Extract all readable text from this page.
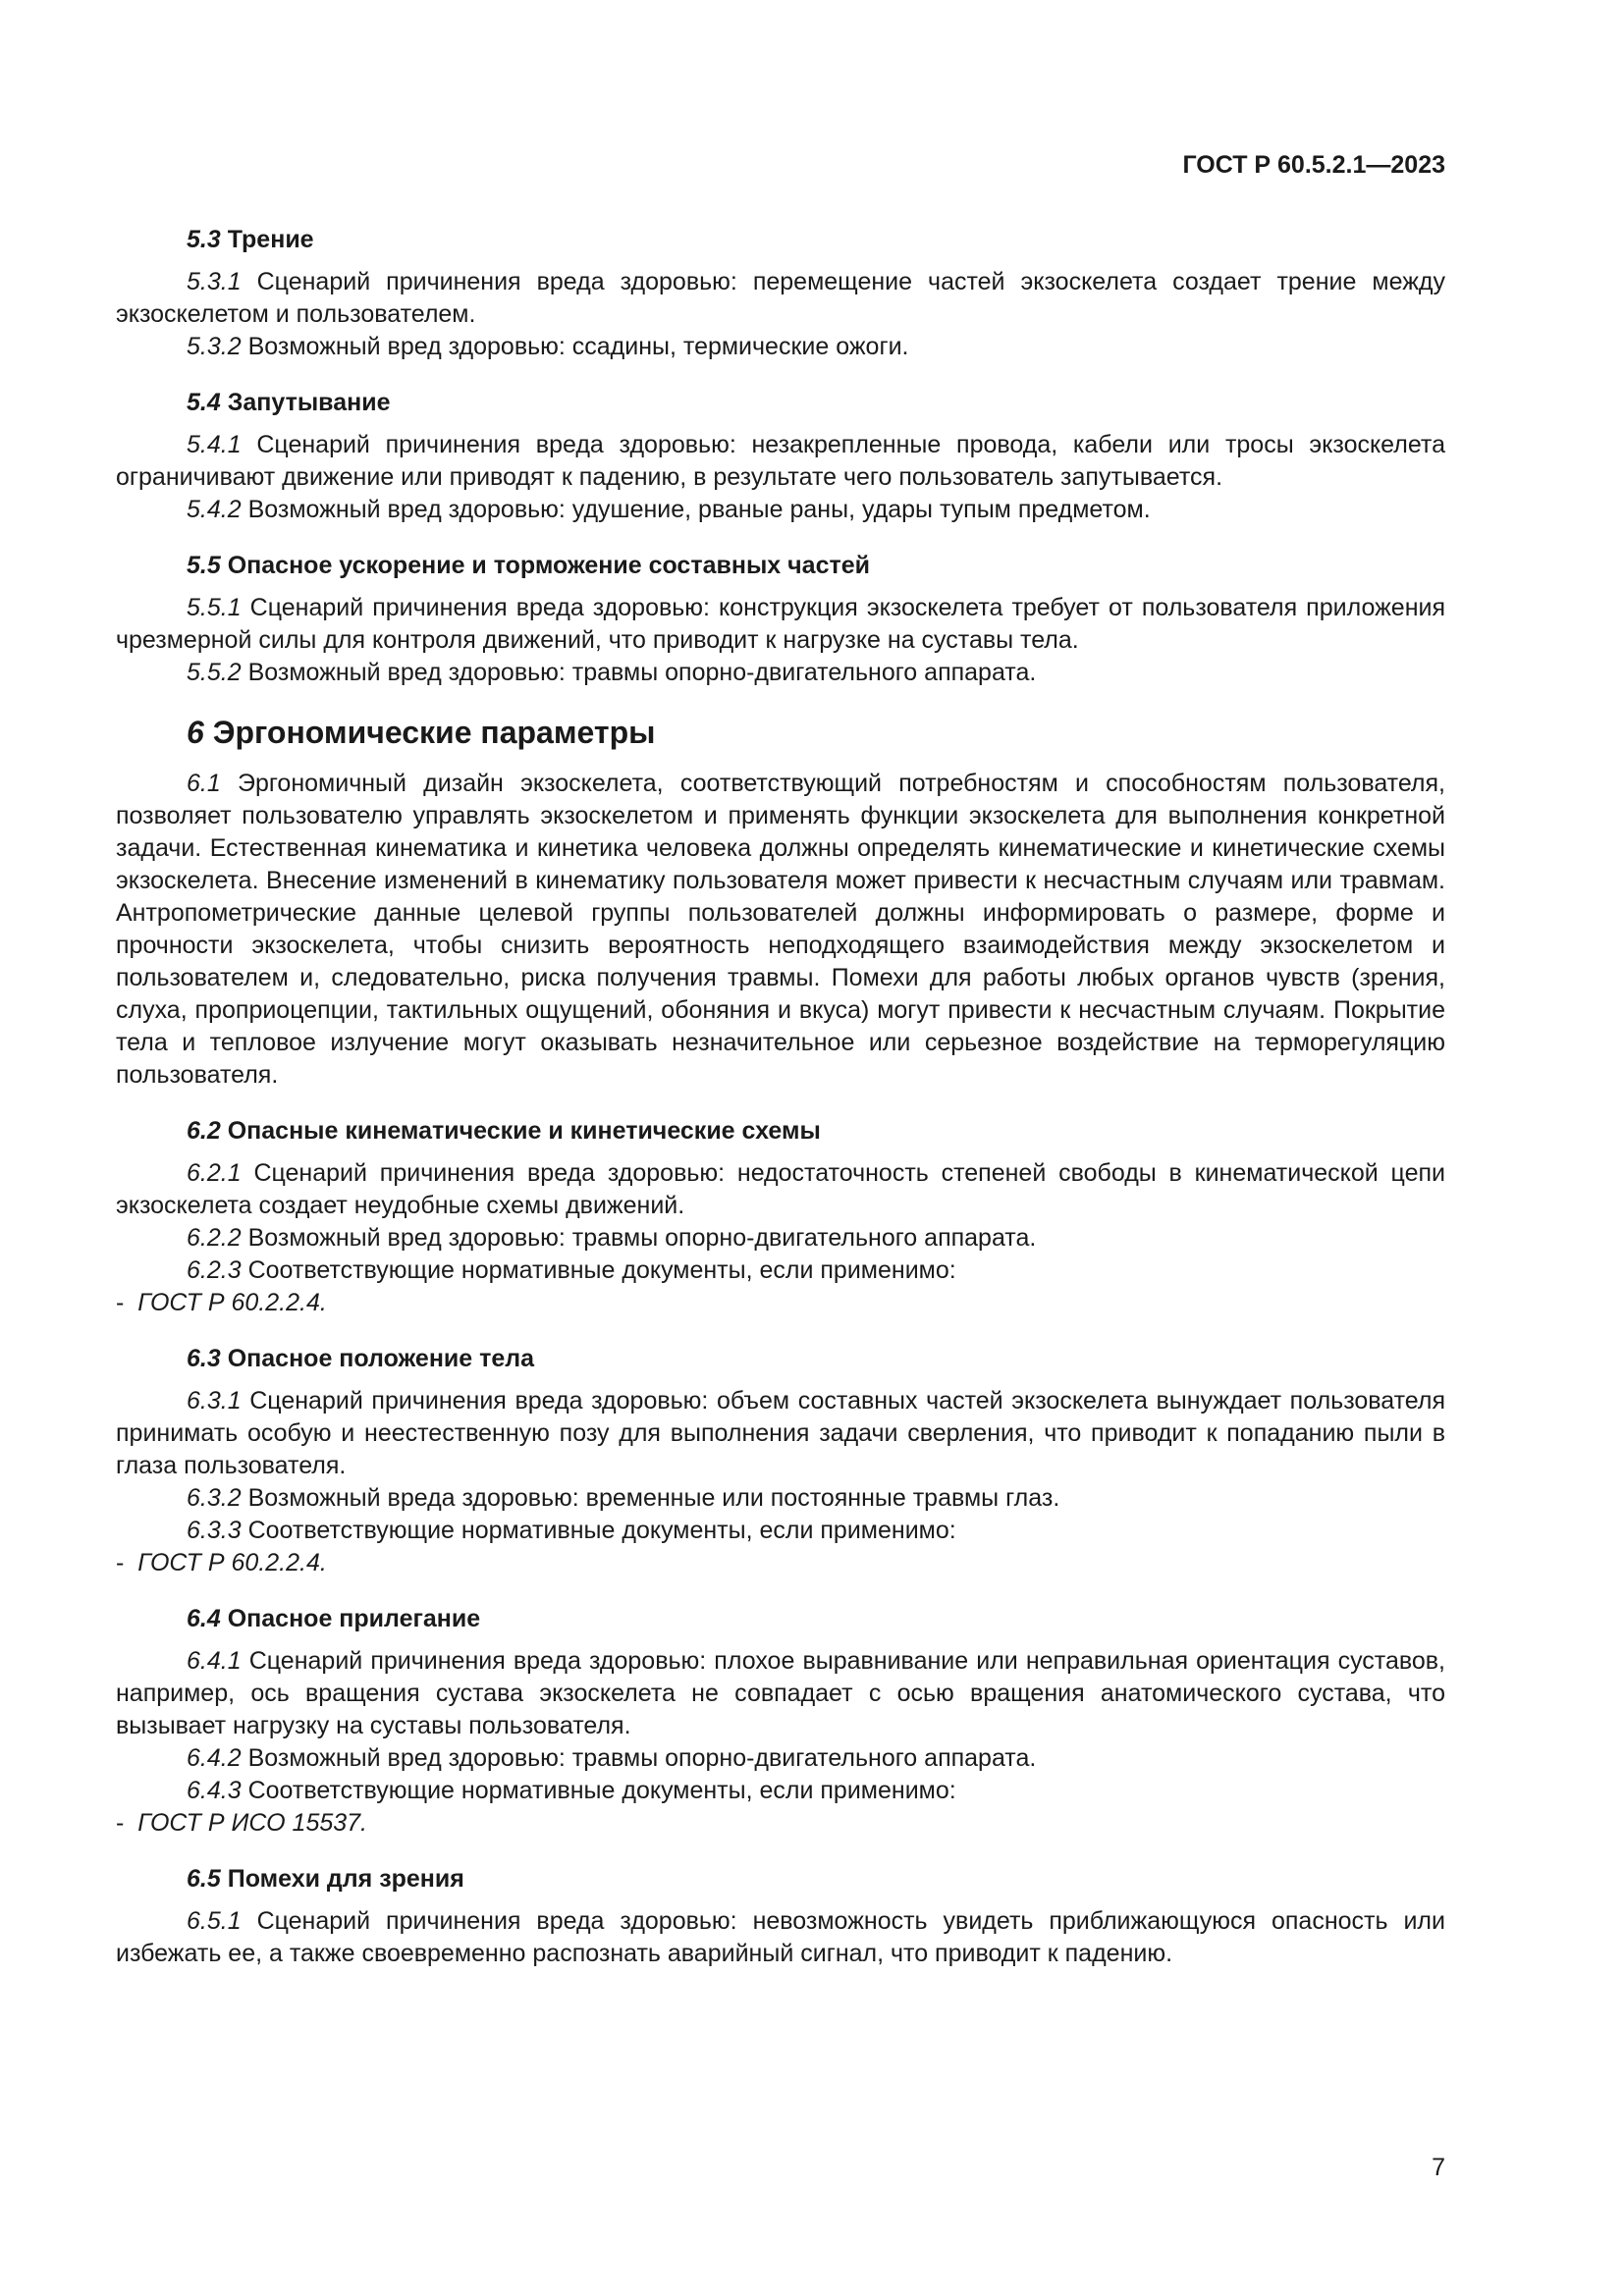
ГОСТ Р 60.5.2.1—2023
5.3 Трение

5.3.1 Сценарий причинения вреда здоровью: перемещение частей экзоскелета создает трение между экзоскелетом и пользователем.

5.3.2 Возможный вред здоровью: ссадины, термические ожоги.

5.4 Запутывание

5.4.1 Сценарий причинения вреда здоровью: незакрепленные провода, кабели или тросы экзоскелета ограничивают движение или приводят к падению, в результате чего пользователь запутывается.

5.4.2 Возможный вред здоровью: удушение, рваные раны, удары тупым предметом.

5.5 Опасное ускорение и торможение составных частей

5.5.1 Сценарий причинения вреда здоровью: конструкция экзоскелета требует от пользователя приложения чрезмерной силы для контроля движений, что приводит к нагрузке на суставы тела.

5.5.2 Возможный вред здоровью: травмы опорно-двигательного аппарата.

6 Эргономические параметры

6.1 Эргономичный дизайн экзоскелета, соответствующий потребностям и способностям пользователя, позволяет пользователю управлять экзоскелетом и применять функции экзоскелета для выполнения конкретной задачи. Естественная кинематика и кинетика человека должны определять кинематические и кинетические схемы экзоскелета. Внесение изменений в кинематику пользователя может привести к несчастным случаям или травмам. Антропометрические данные целевой группы пользователей должны информировать о размере, форме и прочности экзоскелета, чтобы снизить вероятность неподходящего взаимодействия между экзоскелетом и пользователем и, следовательно, риска получения травмы. Помехи для работы любых органов чувств (зрения, слуха, проприоцепции, тактильных ощущений, обоняния и вкуса) могут привести к несчастным случаям. Покрытие тела и тепловое излучение могут оказывать незначительное или серьезное воздействие на терморегуляцию пользователя.

6.2 Опасные кинематические и кинетические схемы

6.2.1 Сценарий причинения вреда здоровью: недостаточность степеней свободы в кинематической цепи экзоскелета создает неудобные схемы движений.

6.2.2 Возможный вред здоровью: травмы опорно-двигательного аппарата.

6.2.3 Соответствующие нормативные документы, если применимо:

-  ГОСТ Р 60.2.2.4.

6.3 Опасное положение тела

6.3.1 Сценарий причинения вреда здоровью: объем составных частей экзоскелета вынуждает пользователя принимать особую и неестественную позу для выполнения задачи сверления, что приводит к попаданию пыли в глаза пользователя.

6.3.2 Возможный вреда здоровью: временные или постоянные травмы глаз.

6.3.3 Соответствующие нормативные документы, если применимо:

-  ГОСТ Р 60.2.2.4.

6.4 Опасное прилегание

6.4.1 Сценарий причинения вреда здоровью: плохое выравнивание или неправильная ориентация суставов, например, ось вращения сустава экзоскелета не совпадает с осью вращения анатомического сустава, что вызывает нагрузку на суставы пользователя.

6.4.2 Возможный вред здоровью: травмы опорно-двигательного аппарата.

6.4.3 Соответствующие нормативные документы, если применимо:

-  ГОСТ Р ИСО 15537.

6.5 Помехи для зрения

6.5.1 Сценарий причинения вреда здоровью: невозможность увидеть приближающуюся опасность или избежать ее, а также своевременно распознать аварийный сигнал, что приводит к падению.

7
